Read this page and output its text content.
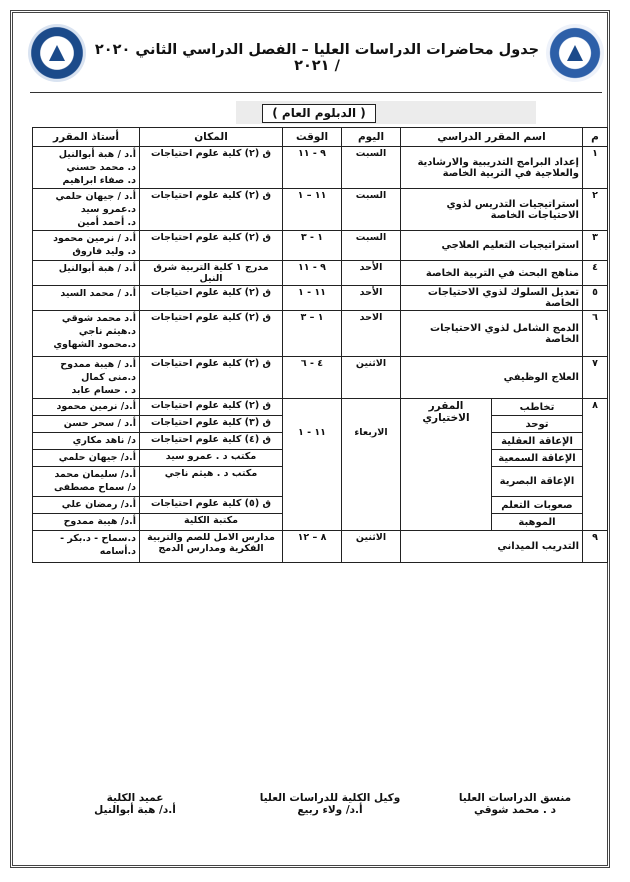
جدول محاضرات الدراسات العليا – الفصل الدراسي الثاني ٢٠٢٠ / ٢٠٢١
( الدبلوم العام )
م	اسم المقرر الدراسي		اليوم	الوقت	المكان	أستاذ المقرر
١	إعداد البرامج التدريبية والارشادية والعلاجية في التربية الخاصة		السبت	٩ - ١١	ق (٢) كلية علوم احتياجات	أ.د / هبة أبوالنيل
د. محمد حسني
د. صفاء ابراهيم

٢	استراتيجيات التدريس لذوي الاحتياجات الخاصة		السبت	١١ – ١	ق (٢) كلية علوم احتياجات	أ.د / جيهان حلمي
د.عمرو سيد
د. أحمد أمين

٣	استراتيجيات التعليم العلاجي		السبت	١ - ٣	ق (٢) كلية علوم احتياجات	أ.د / نرمين محمود
د. وليد فاروق

٤	مناهج البحث في التربية الخاصة		الأحد	٩ - ١١	مدرج ١ كلية التربية شرق النيل	أ.د / هبة أبوالنيل

٥	تعديل السلوك لذوي الاحتياجات الخاصة		الأحد	١١ - ١	ق (٢) كلية علوم احتياجات	أ.د / محمد السيد

٦	الدمج الشامل لذوي الاحتياجات الخاصة		الاحد	١ – ٣	ق (٢) كلية علوم احتياجات	أ.د محمد شوقي
د.هيثم ناجي
د.محمود الشهاوي

٧	العلاج الوظيفي		الاثنين	٤ - ٦	ق (٢) كلية علوم احتياجات	أ.د / هيبة ممدوح
د.منى كمال
د . حسام عابد

٨	تخاطب	المقرر الاختياري	الاربعاء	١١ - ١	ق (٢) كلية علوم احتياجات	أ.د/ نرمين محمود

	توحد				ق (٣) كلية علوم احتياجات	أ.د / سحر حسن

	الإعاقة العقلية				ق (٤) كلية علوم احتياجات	د/ ناهد مكاري

	الإعاقة السمعية				مكتب د . عمرو سيد	أ.د/ جيهان حلمي

	الإعاقة البصرية				مكتب د . هيثم ناجي	أ.د/ سليمان محمد
د/ سماح مصطفى

	صعوبات التعلم				ق (٥) كلية علوم احتياجات	أ.د/ رمضان علي

	الموهبة				مكتبة الكلية	أ.د/ هيبة ممدوح

٩	التدريب الميداني		الاثنين	٨ – ١٢	مدارس الامل للصم والتربية الفكرية ومدارس الدمج	د.سماح - د.بكر -
د.أسامه
منسق الدراسات العليا
د . محمد شوقي
وكيل الكلية للدراسات العليا
أ.د/ ولاء ربيع
عميد الكلية
أ.د/ هبة أبوالنيل
